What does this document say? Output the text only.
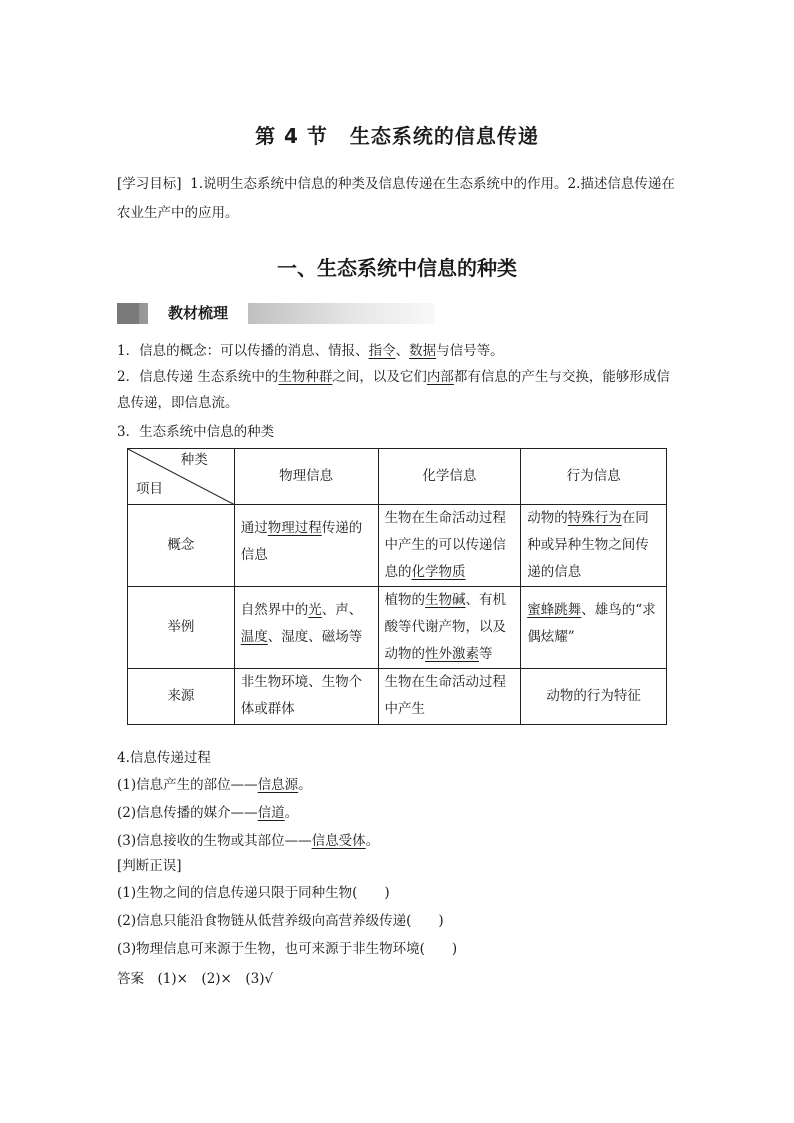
第 4 节 生态系统的信息传递
[学习目标] 1.说明生态系统中信息的种类及信息传递在生态系统中的作用。2.描述信息传递在农业生产中的应用。
一、生态系统中信息的种类
教材梳理
1．信息的概念：可以传播的消息、情报、指令、数据与信号等。
2．信息传递 生态系统中的生物种群之间，以及它们内部都有信息的产生与交换，能够形成信息传递，即信息流。
3．生态系统中信息的种类
种类
项目	物理信息	化学信息	行为信息
概念	通过物理过程传递的信息	生物在生命活动过程中产生的可以传递信息的化学物质	动物的特殊行为在同种或异种生物之间传递的信息
举例	自然界中的光、声、温度、湿度、磁场等	植物的生物碱、有机酸等代谢产物，以及动物的性外激素等	蜜蜂跳舞、雄鸟的“求偶炫耀”
来源	非生物环境、生物个体或群体	生物在生命活动过程中产生	动物的行为特征
4.信息传递过程
(1)信息产生的部位——信息源。
(2)信息传播的媒介——信道。
(3)信息接收的生物或其部位——信息受体。
[判断正误]
(1)生物之间的信息传递只限于同种生物(　　)
(2)信息只能沿食物链从低营养级向高营养级传递(　　)
(3)物理信息可来源于生物，也可来源于非生物环境(　　)
答案　(1)×　(2)×　(3)√
